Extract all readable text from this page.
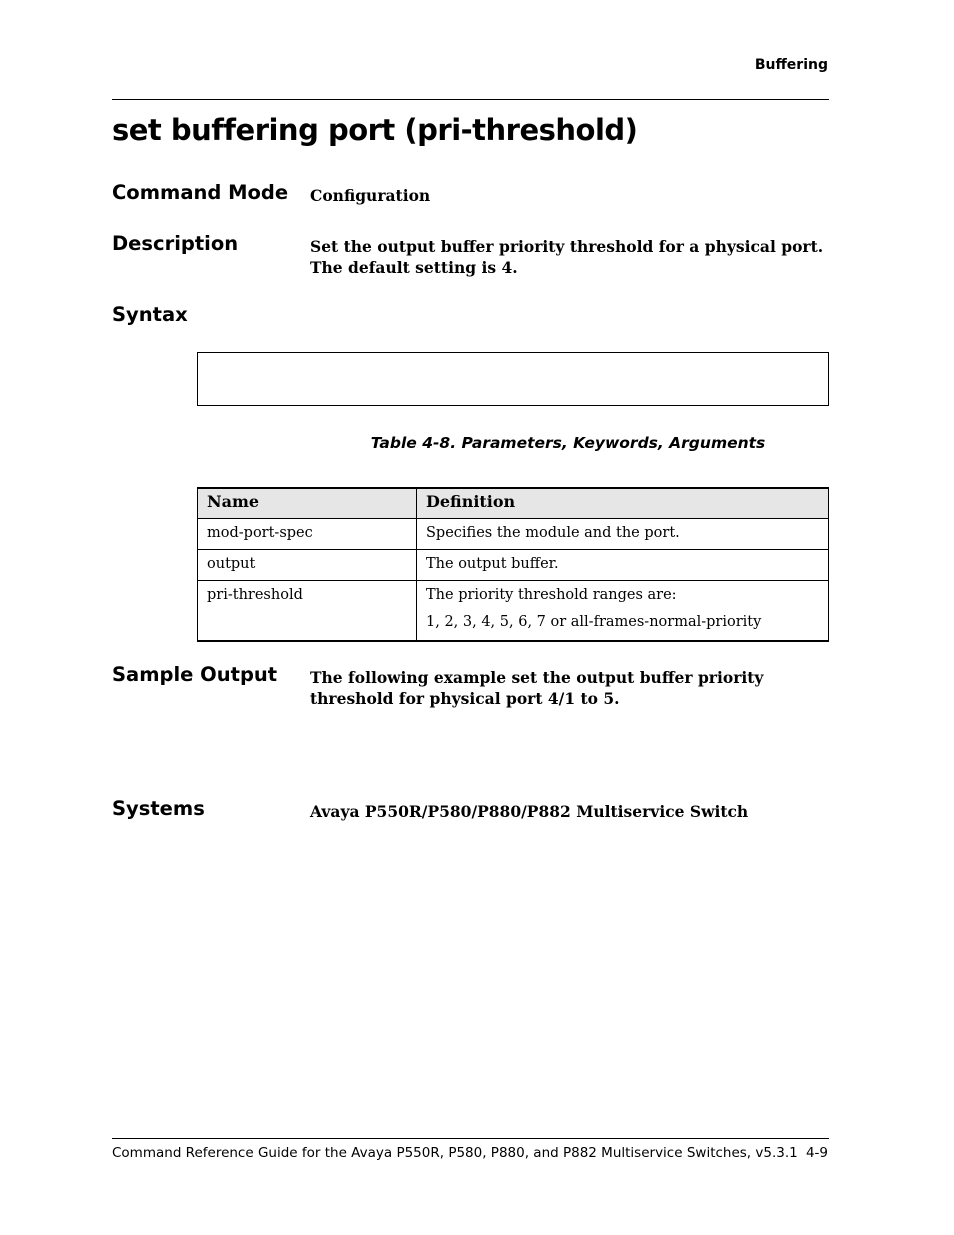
Buffering
set buffering port (pri-threshold)
Command Mode Configuration
Description	Set the output buffer priority threshold for a physical port.
The default setting is 4.
Syntax
Table 4-8. Parameters, Keywords, Arguments
Name	Definition
mod-port-spec	Specifies the module and the port.
output	The output buffer.
pri-threshold	The priority threshold ranges are:
1, 2, 3, 4, 5, 6, 7 or all-frames-normal-priority
Sample Output The following example set the output buffer priority
threshold for physical port 4/1 to 5.
Systems	Avaya P550R/P580/P880/P882 Multiservice Switch
Command Reference Guide for the Avaya P550R, P580, P880, and P882 Multiservice Switches, v5.3.1 4-9
